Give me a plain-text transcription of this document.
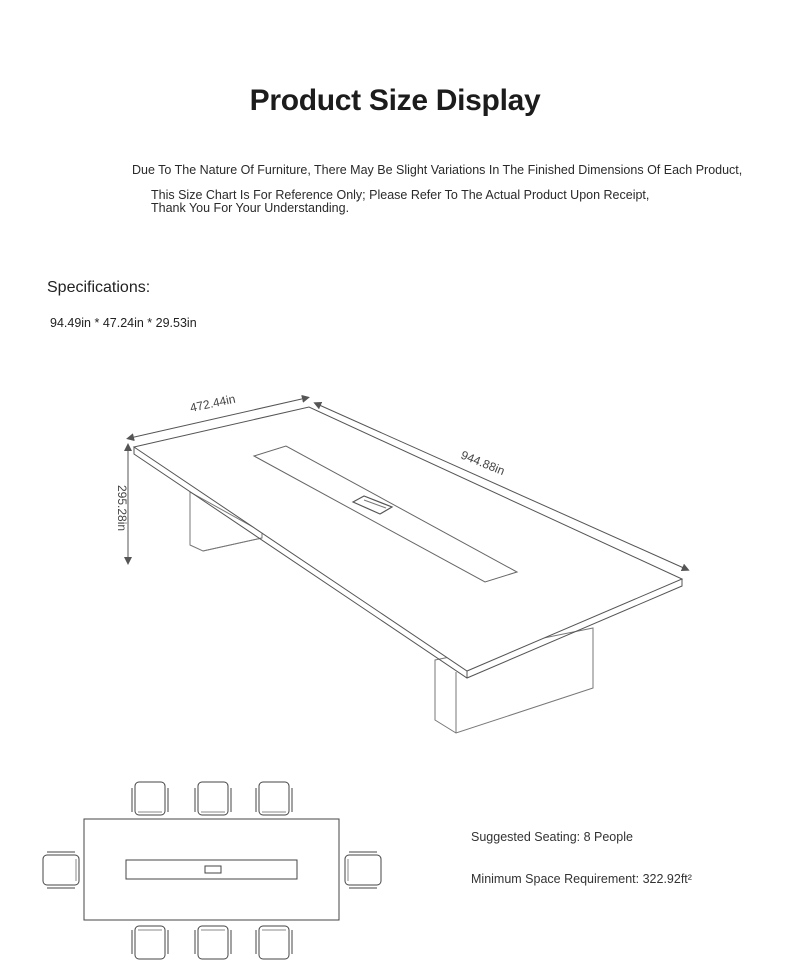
Product Size Display
Due To The Nature Of Furniture, There May Be Slight Variations In The Finished Dimensions Of Each Product,
This Size Chart Is For Reference Only; Please Refer To The Actual Product Upon Receipt,
Thank You For Your Understanding.
Specifications:
94.49in * 47.24in * 29.53in
472.44in
944.88in
295.28in
Suggested Seating: 8 People
Minimum Space Requirement: 322.92ft²
